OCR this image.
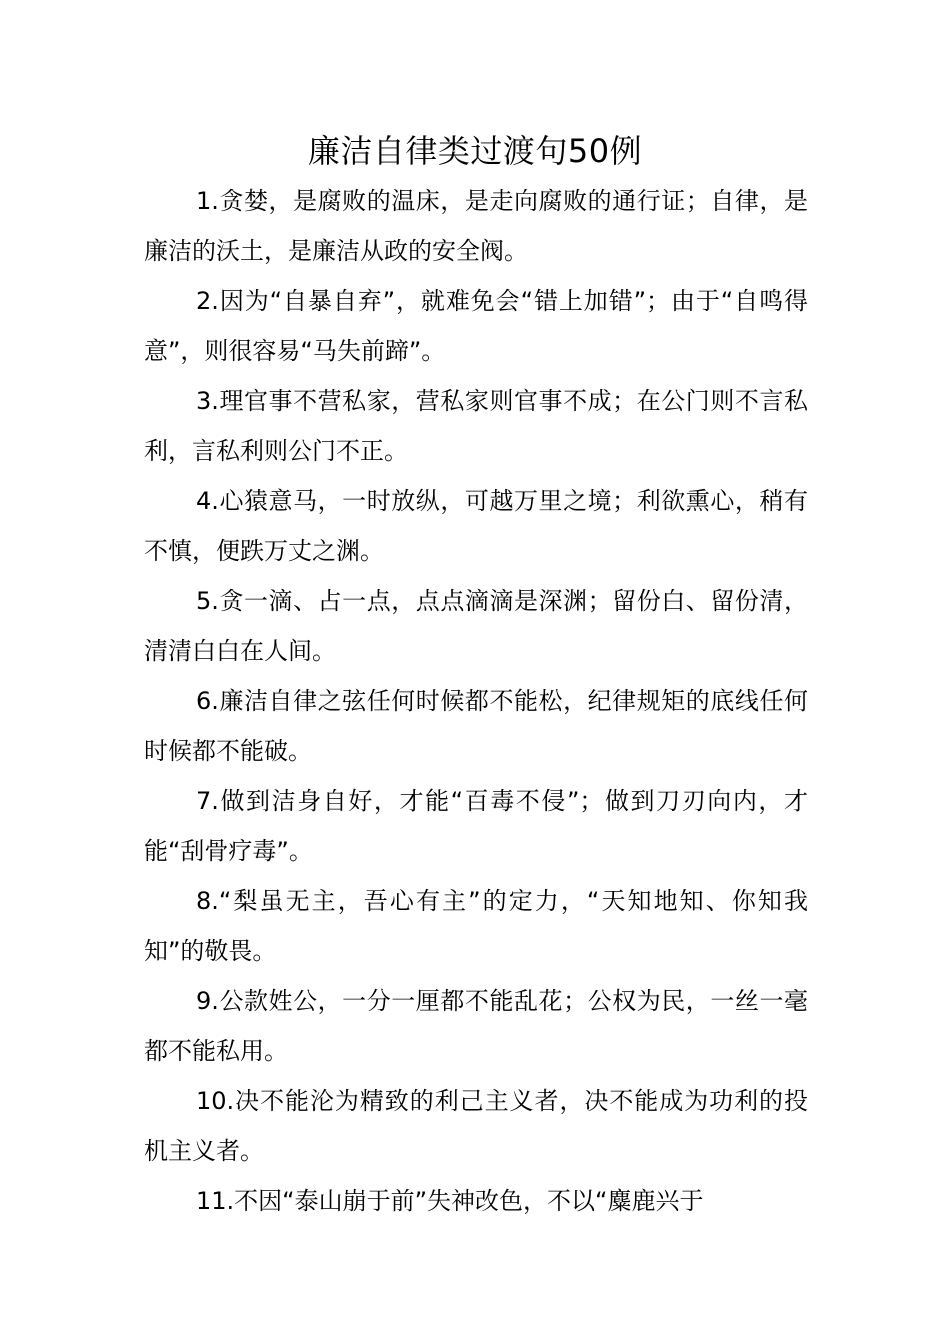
廉洁自律类过渡句50例

1.贪婪，是腐败的温床，是走向腐败的通行证；自律，是廉洁的沃土，是廉洁从政的安全阀。

2.因为“自暴自弃”，就难免会“错上加错”；由于“自鸣得意”，则很容易“马失前蹄”。

3.理官事不营私家，营私家则官事不成；在公门则不言私利，言私利则公门不正。

4.心猿意马，一时放纵，可越万里之境；利欲熏心，稍有不慎，便跌万丈之渊。

5.贪一滴、占一点，点点滴滴是深渊；留份白、留份清，清清白白在人间。

6.廉洁自律之弦任何时候都不能松，纪律规矩的底线任何时候都不能破。

7.做到洁身自好，才能“百毒不侵”；做到刀刃向内，才能“刮骨疗毒”。

8.“梨虽无主，吾心有主”的定力，“天知地知、你知我知”的敬畏。

9.公款姓公，一分一厘都不能乱花；公权为民，一丝一毫都不能私用。

10.决不能沦为精致的利己主义者，决不能成为功利的投机主义者。

11.不因“泰山崩于前”失神改色，不以“麋鹿兴于
